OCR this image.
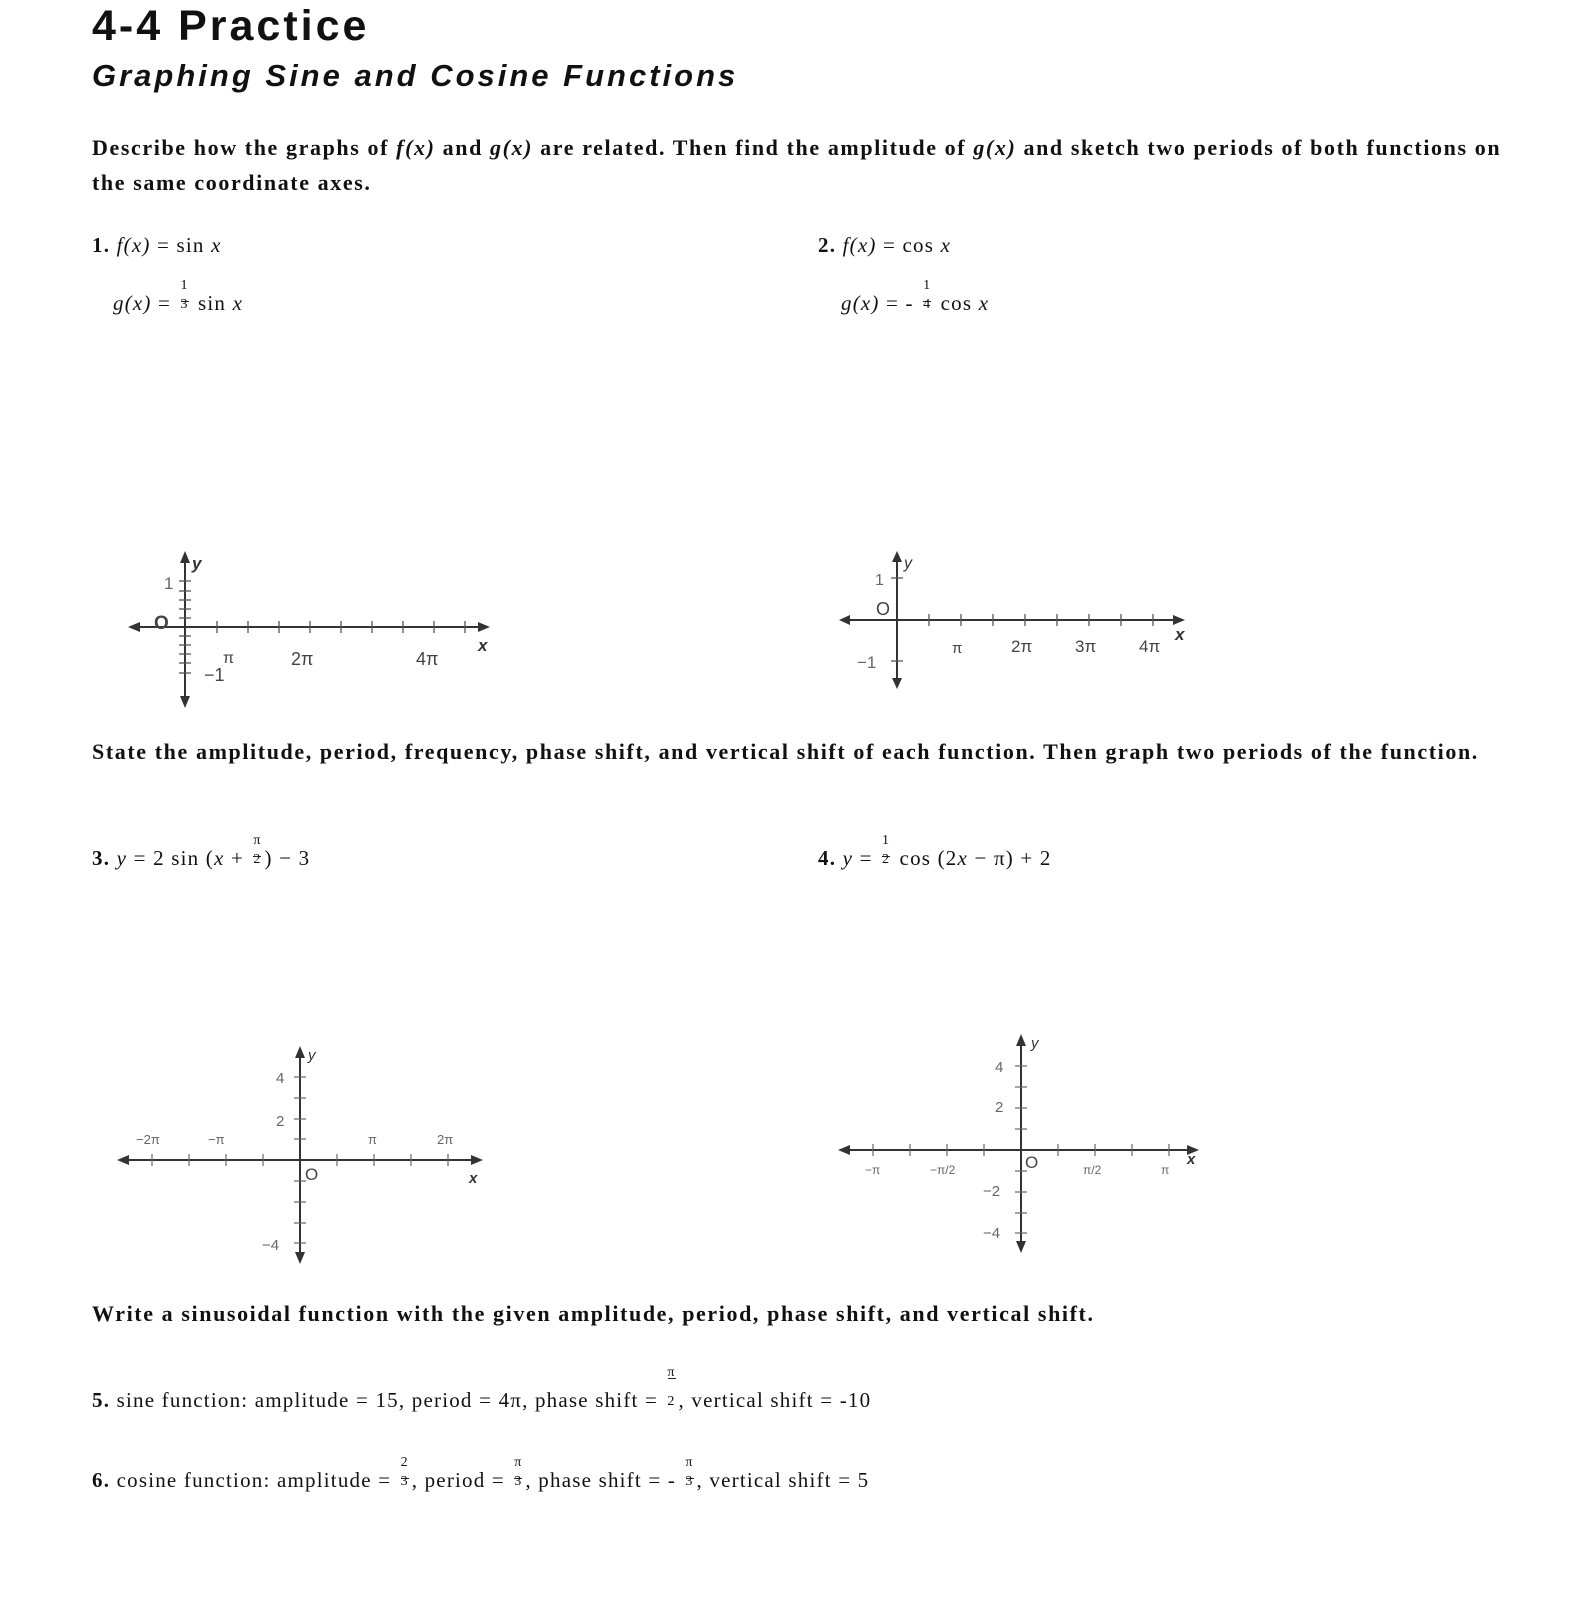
4-4 Practice
Graphing Sine and Cosine Functions
Describe how the graphs of f(x) and g(x) are related. Then find the amplitude of g(x) and sketch two periods of both functions on the same coordinate axes.
1. f(x) = sin x
$g(x) = \frac{1}{3}$ sin x
2. f(x) = cos x
g(x) = - $\frac{1}{4}$ cos x
y
x
O
1
−1
π	2π	4π
y
x
O
1
−1
π	2π	3π	4π
State the amplitude, period, frequency, phase shift, and vertical shift of each function. Then graph two periods of the function.
3. y = 2 $\sin (x + \frac{\pi}{2}$ ) − 3	4. $y = \frac{1}{2}$ cos (2x − π) + 2
y
x
O
4
2
−4
−2π	−π	π	2π
y
x
O
4
2
−2
−4
−π	−π/2	π/2	π
Write a sinusoidal function with the given amplitude, period, phase shift, and vertical shift.
5. sine function: amplitude = 15, period = 4π, phase shift = $\frac{\pi}{2}$ , vertical shift = -10
6. cosine function: amplitude = $\frac{2}{3}$ , period = $\frac{\pi}{3}$ , phase shift = - $\frac{\pi}{3}$ , vertical shift = 5
